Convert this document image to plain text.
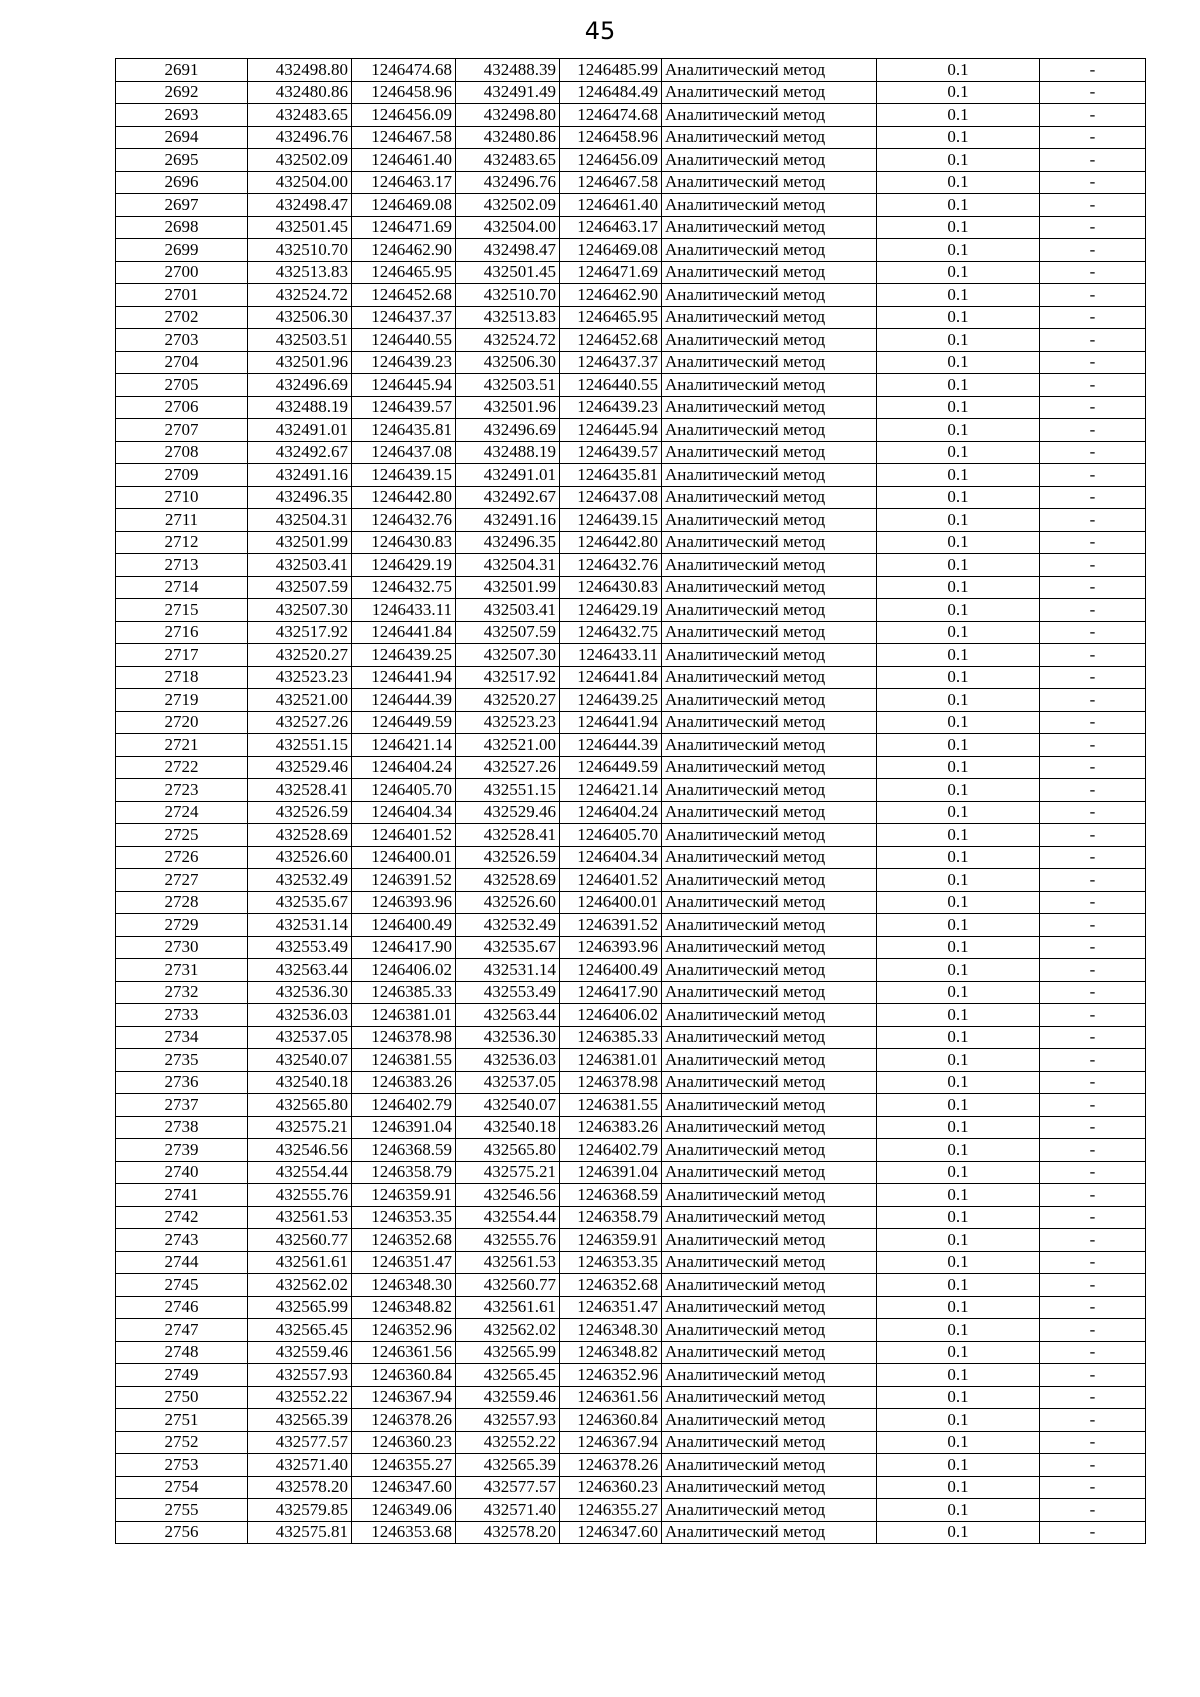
45
2691	432498.80	1246474.68	432488.39	1246485.99	Аналитический метод	0.1	-
2692	432480.86	1246458.96	432491.49	1246484.49	Аналитический метод	0.1	-
2693	432483.65	1246456.09	432498.80	1246474.68	Аналитический метод	0.1	-
2694	432496.76	1246467.58	432480.86	1246458.96	Аналитический метод	0.1	-
2695	432502.09	1246461.40	432483.65	1246456.09	Аналитический метод	0.1	-
2696	432504.00	1246463.17	432496.76	1246467.58	Аналитический метод	0.1	-
2697	432498.47	1246469.08	432502.09	1246461.40	Аналитический метод	0.1	-
2698	432501.45	1246471.69	432504.00	1246463.17	Аналитический метод	0.1	-
2699	432510.70	1246462.90	432498.47	1246469.08	Аналитический метод	0.1	-
2700	432513.83	1246465.95	432501.45	1246471.69	Аналитический метод	0.1	-
2701	432524.72	1246452.68	432510.70	1246462.90	Аналитический метод	0.1	-
2702	432506.30	1246437.37	432513.83	1246465.95	Аналитический метод	0.1	-
2703	432503.51	1246440.55	432524.72	1246452.68	Аналитический метод	0.1	-
2704	432501.96	1246439.23	432506.30	1246437.37	Аналитический метод	0.1	-
2705	432496.69	1246445.94	432503.51	1246440.55	Аналитический метод	0.1	-
2706	432488.19	1246439.57	432501.96	1246439.23	Аналитический метод	0.1	-
2707	432491.01	1246435.81	432496.69	1246445.94	Аналитический метод	0.1	-
2708	432492.67	1246437.08	432488.19	1246439.57	Аналитический метод	0.1	-
2709	432491.16	1246439.15	432491.01	1246435.81	Аналитический метод	0.1	-
2710	432496.35	1246442.80	432492.67	1246437.08	Аналитический метод	0.1	-
2711	432504.31	1246432.76	432491.16	1246439.15	Аналитический метод	0.1	-
2712	432501.99	1246430.83	432496.35	1246442.80	Аналитический метод	0.1	-
2713	432503.41	1246429.19	432504.31	1246432.76	Аналитический метод	0.1	-
2714	432507.59	1246432.75	432501.99	1246430.83	Аналитический метод	0.1	-
2715	432507.30	1246433.11	432503.41	1246429.19	Аналитический метод	0.1	-
2716	432517.92	1246441.84	432507.59	1246432.75	Аналитический метод	0.1	-
2717	432520.27	1246439.25	432507.30	1246433.11	Аналитический метод	0.1	-
2718	432523.23	1246441.94	432517.92	1246441.84	Аналитический метод	0.1	-
2719	432521.00	1246444.39	432520.27	1246439.25	Аналитический метод	0.1	-
2720	432527.26	1246449.59	432523.23	1246441.94	Аналитический метод	0.1	-
2721	432551.15	1246421.14	432521.00	1246444.39	Аналитический метод	0.1	-
2722	432529.46	1246404.24	432527.26	1246449.59	Аналитический метод	0.1	-
2723	432528.41	1246405.70	432551.15	1246421.14	Аналитический метод	0.1	-
2724	432526.59	1246404.34	432529.46	1246404.24	Аналитический метод	0.1	-
2725	432528.69	1246401.52	432528.41	1246405.70	Аналитический метод	0.1	-
2726	432526.60	1246400.01	432526.59	1246404.34	Аналитический метод	0.1	-
2727	432532.49	1246391.52	432528.69	1246401.52	Аналитический метод	0.1	-
2728	432535.67	1246393.96	432526.60	1246400.01	Аналитический метод	0.1	-
2729	432531.14	1246400.49	432532.49	1246391.52	Аналитический метод	0.1	-
2730	432553.49	1246417.90	432535.67	1246393.96	Аналитический метод	0.1	-
2731	432563.44	1246406.02	432531.14	1246400.49	Аналитический метод	0.1	-
2732	432536.30	1246385.33	432553.49	1246417.90	Аналитический метод	0.1	-
2733	432536.03	1246381.01	432563.44	1246406.02	Аналитический метод	0.1	-
2734	432537.05	1246378.98	432536.30	1246385.33	Аналитический метод	0.1	-
2735	432540.07	1246381.55	432536.03	1246381.01	Аналитический метод	0.1	-
2736	432540.18	1246383.26	432537.05	1246378.98	Аналитический метод	0.1	-
2737	432565.80	1246402.79	432540.07	1246381.55	Аналитический метод	0.1	-
2738	432575.21	1246391.04	432540.18	1246383.26	Аналитический метод	0.1	-
2739	432546.56	1246368.59	432565.80	1246402.79	Аналитический метод	0.1	-
2740	432554.44	1246358.79	432575.21	1246391.04	Аналитический метод	0.1	-
2741	432555.76	1246359.91	432546.56	1246368.59	Аналитический метод	0.1	-
2742	432561.53	1246353.35	432554.44	1246358.79	Аналитический метод	0.1	-
2743	432560.77	1246352.68	432555.76	1246359.91	Аналитический метод	0.1	-
2744	432561.61	1246351.47	432561.53	1246353.35	Аналитический метод	0.1	-
2745	432562.02	1246348.30	432560.77	1246352.68	Аналитический метод	0.1	-
2746	432565.99	1246348.82	432561.61	1246351.47	Аналитический метод	0.1	-
2747	432565.45	1246352.96	432562.02	1246348.30	Аналитический метод	0.1	-
2748	432559.46	1246361.56	432565.99	1246348.82	Аналитический метод	0.1	-
2749	432557.93	1246360.84	432565.45	1246352.96	Аналитический метод	0.1	-
2750	432552.22	1246367.94	432559.46	1246361.56	Аналитический метод	0.1	-
2751	432565.39	1246378.26	432557.93	1246360.84	Аналитический метод	0.1	-
2752	432577.57	1246360.23	432552.22	1246367.94	Аналитический метод	0.1	-
2753	432571.40	1246355.27	432565.39	1246378.26	Аналитический метод	0.1	-
2754	432578.20	1246347.60	432577.57	1246360.23	Аналитический метод	0.1	-
2755	432579.85	1246349.06	432571.40	1246355.27	Аналитический метод	0.1	-
2756	432575.81	1246353.68	432578.20	1246347.60	Аналитический метод	0.1	-
